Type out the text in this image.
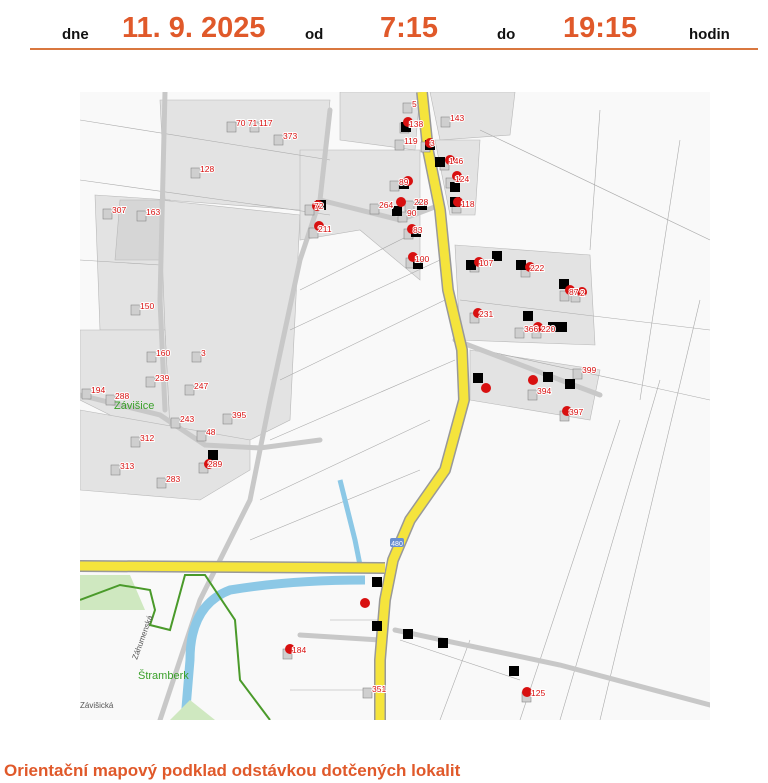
dne 11. 9. 2025	od 7:15	do 19:15	hodin
480
Záhumenská
Závišická
5
70 71 117
373
138
143
119 3
146
128
124
89
307 163
72	264 228
90
118
211	83
100	107	222
87 2
150
231
366 220
160	3
399
239
247	394
194
288
395
243
397
48
312
289
313
283
184
351	125
Závišice
Štramberk
Orientační mapový podklad odstávkou dotčených lokalit
